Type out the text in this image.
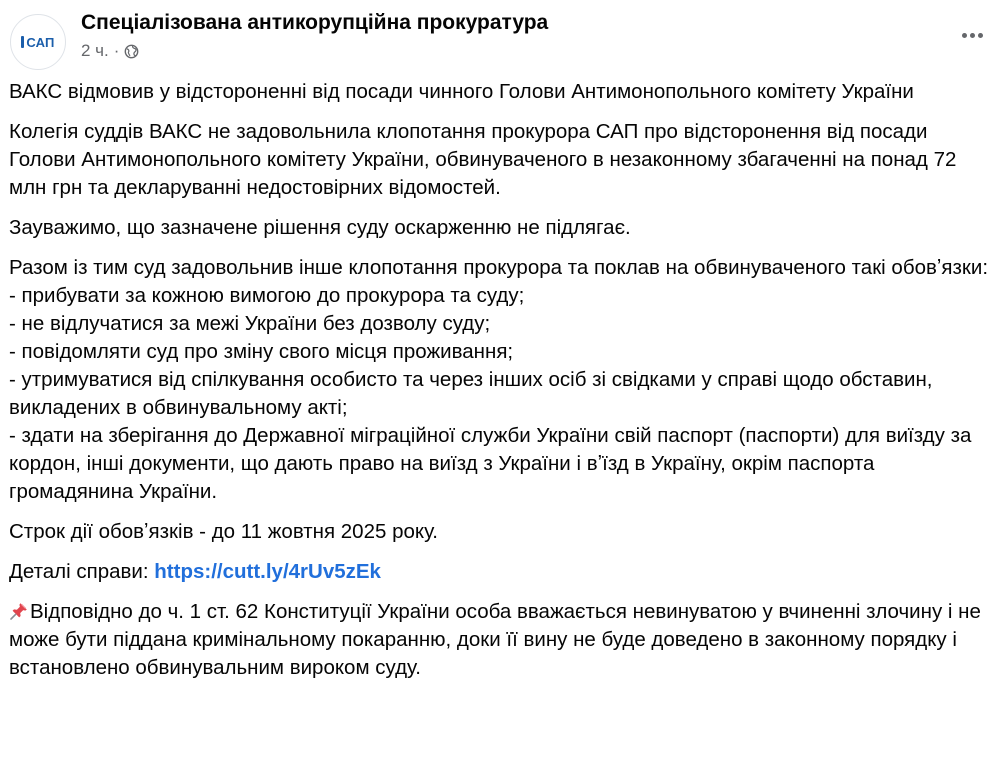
САП
Спеціалізована антикорупційна прокуратура
2 ч. ·

ВАКС відмовив у відстороненні від посади чинного Голови Антимонопольного комітету України

Колегія суддів ВАКС не задовольнила клопотання прокурора САП про відсторонення від посади Голови Антимонопольного комітету України, обвинуваченого в незаконному збагаченні на понад 72 млн грн та декларуванні недостовірних відомостей.

Зауважимо, що зазначене рішення суду оскарженню не підлягає.

Разом із тим суд задовольнив інше клопотання прокурора та поклав на обвинуваченого такі обовʼязки:
- прибувати за кожною вимогою до прокурора та суду;
- не відлучатися за межі України без дозволу суду;
- повідомляти суд про зміну свого місця проживання;
- утримуватися від спілкування особисто та через інших осіб зі свідками у справі щодо обставин, викладених в обвинувальному акті;
- здати на зберігання до Державної міграційної служби України свій паспорт (паспорти) для виїзду за кордон, інші документи, що дають право на виїзд з України і вʼїзд в Україну, окрім паспорта громадянина України.

Строк дії обовʼязків - до 11 жовтня 2025 року.

Деталі справи: https://cutt.ly/4rUv5zEk

Відповідно до ч. 1 ст. 62 Конституції України особа вважається невинуватою у вчиненні злочину і не може бути піддана кримінальному покаранню, доки її вину не буде доведено в законному порядку і встановлено обвинувальним вироком суду.
